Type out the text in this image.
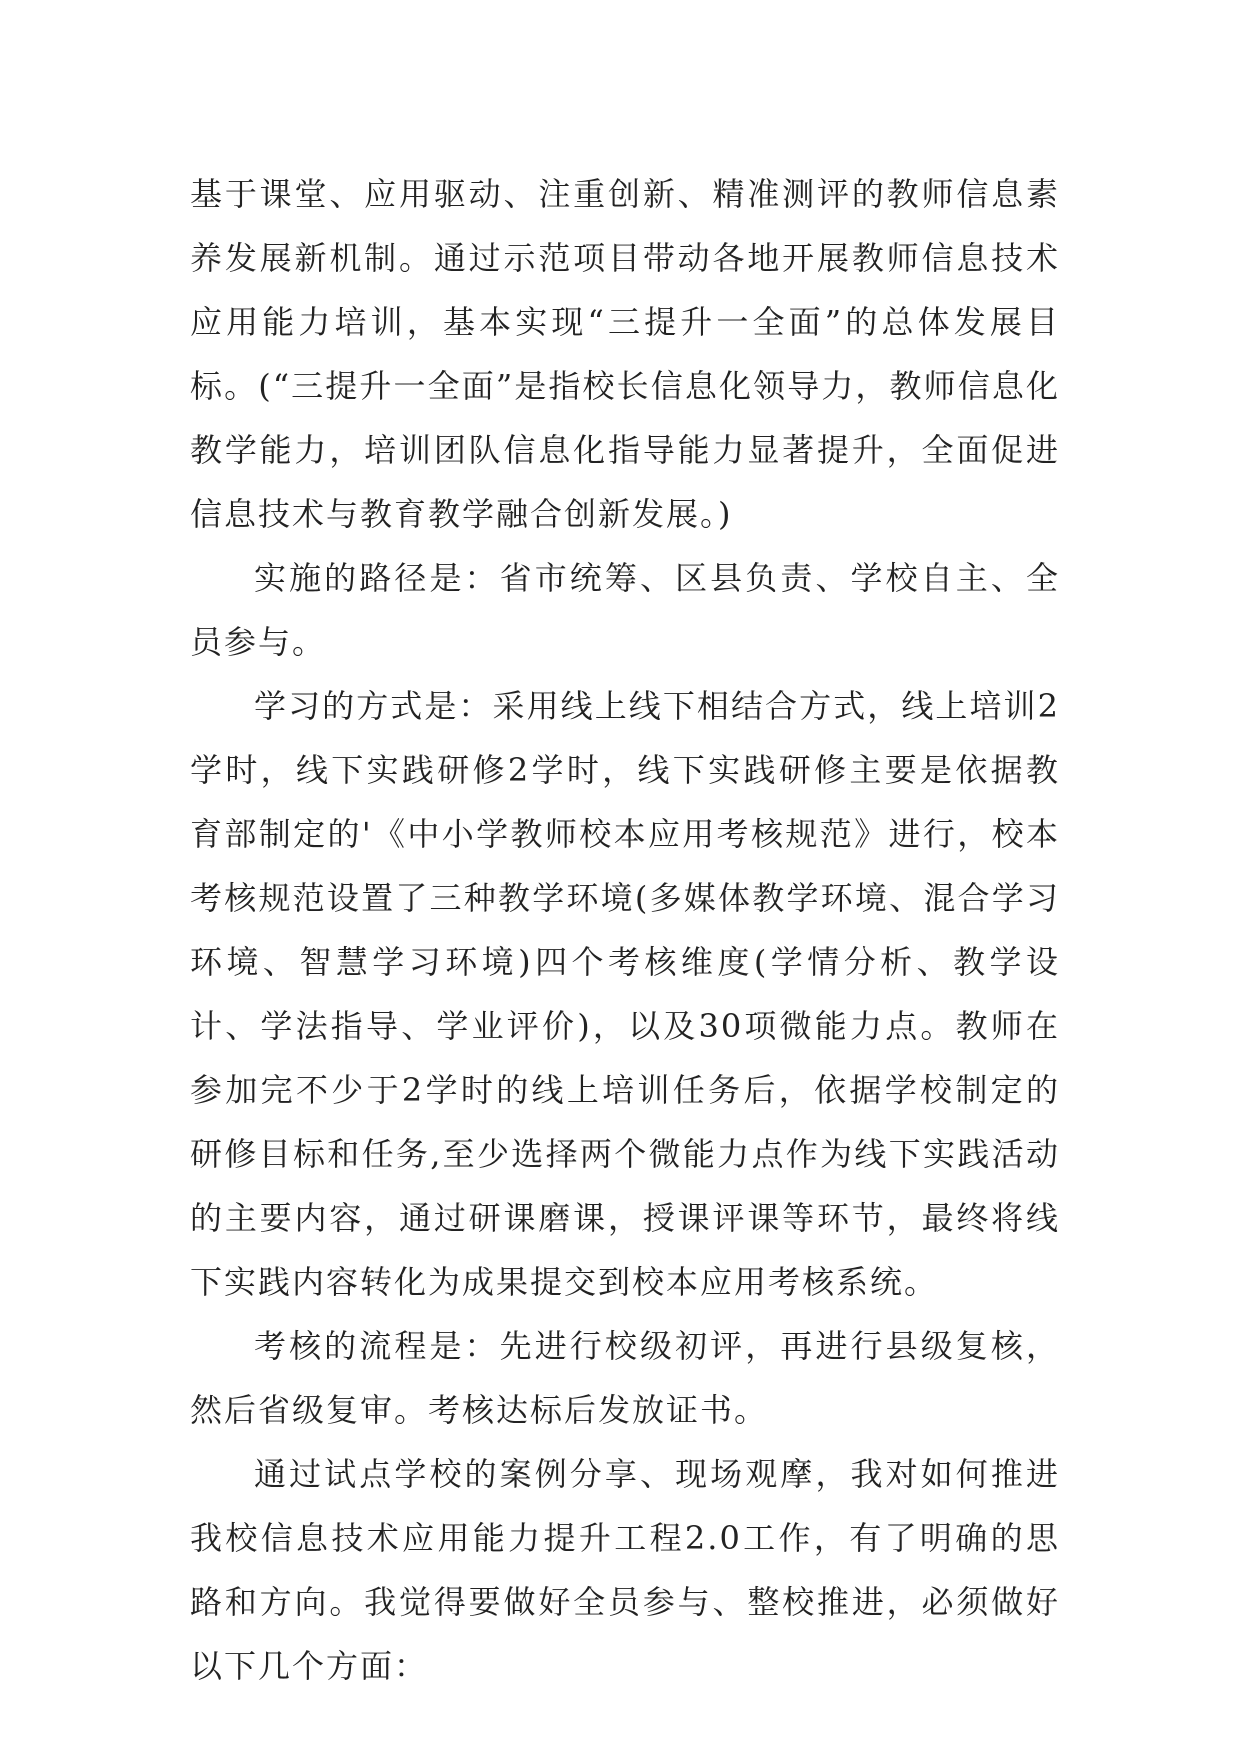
基于课堂、应用驱动、注重创新、精准测评的教师信息素养发展新机制。通过示范项目带动各地开展教师信息技术应用能力培训，基本实现“三提升一全面”的总体发展目标。(“三提升一全面”是指校长信息化领导力，教师信息化教学能力，培训团队信息化指导能力显著提升，全面促进信息技术与教育教学融合创新发展。)

实施的路径是：省市统筹、区县负责、学校自主、全员参与。

学习的方式是：采用线上线下相结合方式，线上培训2学时，线下实践研修2学时，线下实践研修主要是依据教育部制定的'《中小学教师校本应用考核规范》进行，校本考核规范设置了三种教学环境(多媒体教学环境、混合学习环境、智慧学习环境)四个考核维度(学情分析、教学设计、学法指导、学业评价)，以及30项微能力点。教师在参加完不少于2学时的线上培训任务后，依据学校制定的研修目标和任务,至少选择两个微能力点作为线下实践活动的主要内容，通过研课磨课，授课评课等环节，最终将线下实践内容转化为成果提交到校本应用考核系统。

考核的流程是：先进行校级初评，再进行县级复核，然后省级复审。考核达标后发放证书。

通过试点学校的案例分享、现场观摩，我对如何推进我校信息技术应用能力提升工程2.0工作，有了明确的思路和方向。我觉得要做好全员参与、整校推进，必须做好以下几个方面：
